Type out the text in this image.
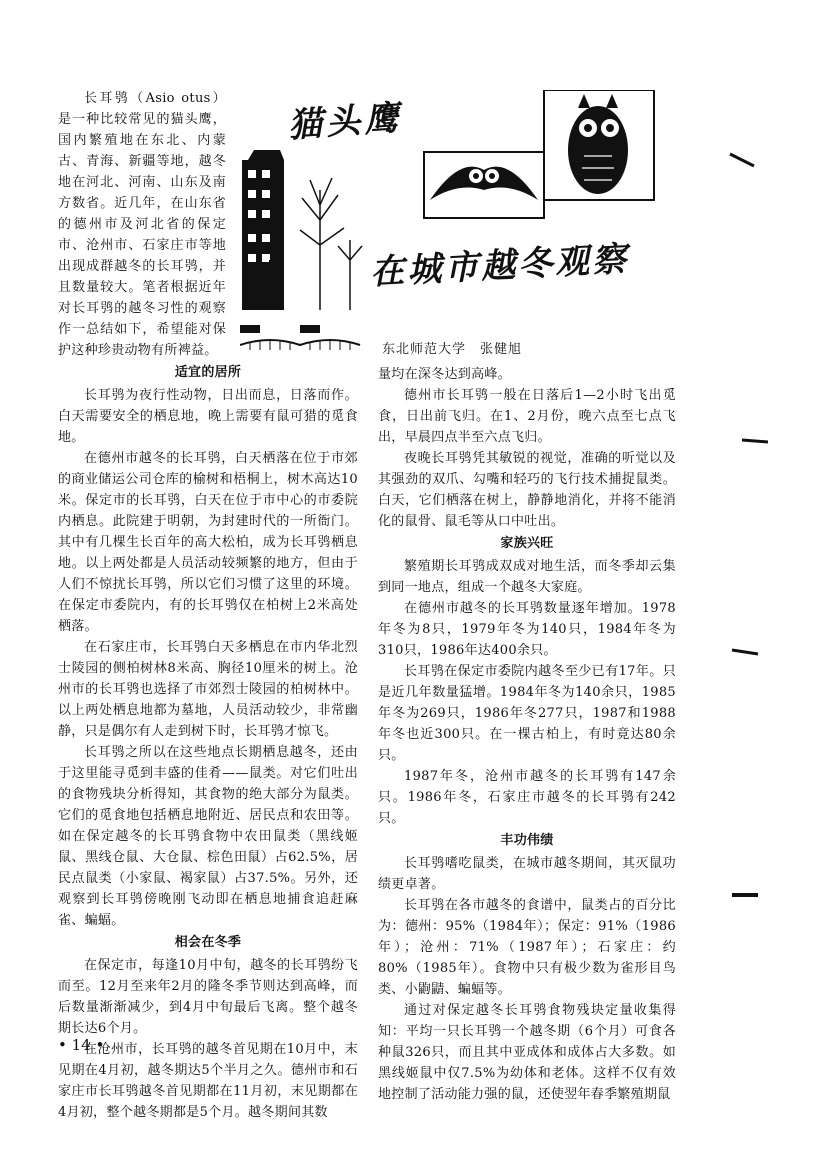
猫头鹰
在城市越冬观察
东北师范大学　张健旭

长耳鸮（Asio otus）是一种比较常见的猫头鹰，国内繁殖地在东北、内蒙古、青海、新疆等地，越冬地在河北、河南、山东及南方数省。近几年，在山东省的德州市及河北省的保定市、沧州市、石家庄市等地出现成群越冬的长耳鸮，并且数量较大。笔者根据近年对长耳鸮的越冬习性的观察作一总结如下，希望能对保护这种珍贵动物有所裨益。

适宜的居所

长耳鸮为夜行性动物，日出而息，日落而作。白天需要安全的栖息地，晚上需要有鼠可猎的觅食地。

在德州市越冬的长耳鸮，白天栖落在位于市郊的商业储运公司仓库的榆树和梧桐上，树木高达10米。保定市的长耳鸮，白天在位于市中心的市委院内栖息。此院建于明朝，为封建时代的一所衙门。其中有几棵生长百年的高大松柏，成为长耳鸮栖息地。以上两处都是人员活动较频繁的地方，但由于人们不惊扰长耳鸮，所以它们习惯了这里的环境。在保定市委院内，有的长耳鸮仅在柏树上2米高处栖落。

在石家庄市，长耳鸮白天多栖息在市内华北烈士陵园的侧柏树林8米高、胸径10厘米的树上。沧州市的长耳鸮也选择了市郊烈士陵园的柏树林中。以上两处栖息地都为墓地，人员活动较少，非常幽静，只是偶尔有人走到树下时，长耳鸮才惊飞。

长耳鸮之所以在这些地点长期栖息越冬，还由于这里能寻觅到丰盛的佳肴——鼠类。对它们吐出的食物残块分析得知，其食物的绝大部分为鼠类。它们的觅食地包括栖息地附近、居民点和农田等。如在保定越冬的长耳鸮食物中农田鼠类（黑线姬鼠、黑线仓鼠、大仓鼠、棕色田鼠）占62.5%，居民点鼠类（小家鼠、褐家鼠）占37.5%。另外，还观察到长耳鸮傍晚刚飞动即在栖息地捕食追赶麻雀、蝙蝠。

相会在冬季

在保定市，每逢10月中旬，越冬的长耳鸮纷飞而至。12月至来年2月的隆冬季节则达到高峰，而后数量渐渐减少，到4月中旬最后飞离。整个越冬期长达6个月。

在沧州市，长耳鸮的越冬首见期在10月中，末见期在4月初，越冬期达5个半月之久。德州市和石家庄市长耳鸮越冬首见期都在11月初，末见期都在4月初，整个越冬期都是5个月。越冬期间其数

量均在深冬达到高峰。

德州市长耳鸮一般在日落后1—2小时飞出觅食，日出前飞归。在1、2月份，晚六点至七点飞出，早晨四点半至六点飞归。

夜晚长耳鸮凭其敏锐的视觉，准确的听觉以及其强劲的双爪、勾嘴和轻巧的飞行技术捕捉鼠类。白天，它们栖落在树上，静静地消化，并将不能消化的鼠骨、鼠毛等从口中吐出。

家族兴旺

繁殖期长耳鸮成双成对地生活，而冬季却云集到同一地点，组成一个越冬大家庭。

在德州市越冬的长耳鸮数量逐年增加。1978年冬为8只，1979年冬为140只，1984年冬为310只，1986年达400余只。

长耳鸮在保定市委院内越冬至少已有17年。只是近几年数量猛增。1984年冬为140余只，1985年冬为269只，1986年冬277只，1987和1988年冬也近300只。在一棵古柏上，有时竟达80余只。

1987年冬，沧州市越冬的长耳鸮有147余只。1986年冬，石家庄市越冬的长耳鸮有242只。

丰功伟绩

长耳鸮嗜吃鼠类，在城市越冬期间，其灭鼠功绩更卓著。

长耳鸮在各市越冬的食谱中，鼠类占的百分比为：德州：95%（1984年）；保定：91%（1986年）；沧州：71%（1987年）；石家庄：约80%（1985年）。食物中只有极少数为雀形目鸟类、小鼩鼱、蝙蝠等。

通过对保定越冬长耳鸮食物残块定量收集得知：平均一只长耳鸮一个越冬期（6个月）可食各种鼠326只，而且其中亚成体和成体占大多数。如黑线姬鼠中仅7.5%为幼体和老体。这样不仅有效地控制了活动能力强的鼠，还使翌年春季繁殖期鼠

• 14 •
